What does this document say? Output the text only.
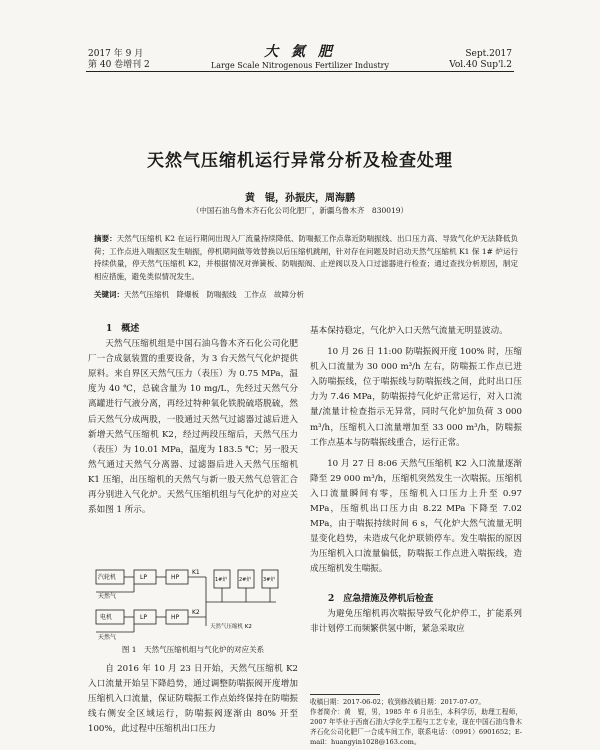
2017 年 9 月
第 40 卷增刊 2
大 氮 肥
Large Scale Nitrogenous Fertilizer Industry
Sept.2017
Vol.40 Sup'l.2
天然气压缩机运行异常分析及检查处理
黄　锟，孙振庆，周海鹏
（中国石油乌鲁木齐石化公司化肥厂，新疆乌鲁木齐　830019）
摘要：天然气压缩机 K2 在运行期间出现入厂流量持续降低、防喘振工作点靠近防喘振线、出口压力高、导致气化炉无法降低负荷；工作点进入喘振区发生喘振，停机期间做等效替换以后压缩机跳闸，针对存在问题及时启动天然气压缩机 K1 保 1# 炉运行持续供量，停天然气压缩机 K2，并根据情况对弹簧板、防喘振阀、止逆阀以及入口过滤器进行检查；通过查找分析原因，制定相应措施，避免类似情况发生。
关键词：天然气压缩机　降爆板　防喘振线　工作点　故障分析

1　概述

天然气压缩机组是中国石油乌鲁木齐石化公司化肥厂一合成氨装置的重要设备，为 3 台天然气气化炉提供原料。来自界区天然气压力（表压）为 0.75 MPa，温度为 40 ℃，总硫含量为 10 mg/L，先经过天然气分离罐进行气液分离，再经过特种氧化铁脱硫塔脱硫，然后天然气分成两股，一股通过天然气过滤器过滤后进入新增天然气压缩机 K2，经过两段压缩后，天然气压力（表压）为 10.01 MPa，温度为 183.5 ℃；另一股天然气通过天然气分离器、过滤器后进入天然气压缩机 K1 压缩，出压缩机的天然气与新一股天然气总管汇合再分别进入气化炉。天然气压缩机组与气化炉的对应关系如图 1 所示。

汽轮机	LP	HP
K1
天然气
电机	LP	HP
K2
天然气
1#炉 2#炉 3#炉
天然气压缩机 K2
图 1　天然气压缩机组与气化炉的对应关系

自 2016 年 10 月 23 日开始，天然气压缩机 K2 入口流量开始呈下降趋势，通过调整防喘振阀开度增加压缩机入口流量，保证防喘振工作点始终保持在防喘振线右侧安全区域运行，防喘振阀逐渐由 80% 开至 100%，此过程中压缩机出口压力

基本保持稳定，气化炉入口天然气流量无明显波动。

10 月 26 日 11:00 防喘振阀开度 100% 时，压缩机入口流量为 30 000 m³/h 左右，防喘振工作点已进入防喘振线，位于喘振线与防喘振线之间，此时出口压力为 7.46 MPa，防喘振持气化炉正常运行，对入口流量/流量计检查指示无异常，同时气化炉加负荷 3 000 m³/h，压缩机入口流量增加至 33 000 m³/h，防喘振工作点基本与防喘振线重合，运行正常。

10 月 27 日 8:06 天然气压缩机 K2 入口流量逐渐降至 29 000 m³/h，压缩机突然发生一次喘振。压缩机入口流量瞬间有零，压缩机入口压力上升至 0.97 MPa，压缩机出口压力由 8.22 MPa 下降至 7.02 MPa，由于喘振持续时间 6 s，气化炉大然气流量无明显变化趋势，未造成气化炉联锁停车。发生喘振的原因为压缩机入口流量偏低，防喘振工作点进入喘振线，造成压缩机发生喘振。

2　应急措施及停机后检查

为避免压缩机再次喘振导致气化炉停工，扩能系列非计划停工而频繁供氢中断，紧急采取应

收稿日期：2017-06-02；收到修改稿日期：2017-07-07。

作者简介：黄　锟，男，1985 年 6 月出生，本科学历，助理工程师，2007 年毕业于西南石油大学化学工程与工艺专业，现在中国石油乌鲁木齐石化公司化肥厂一合成车间工作，联系电话：（0991）6901652；E-mail：huangyin1028@163.com。
